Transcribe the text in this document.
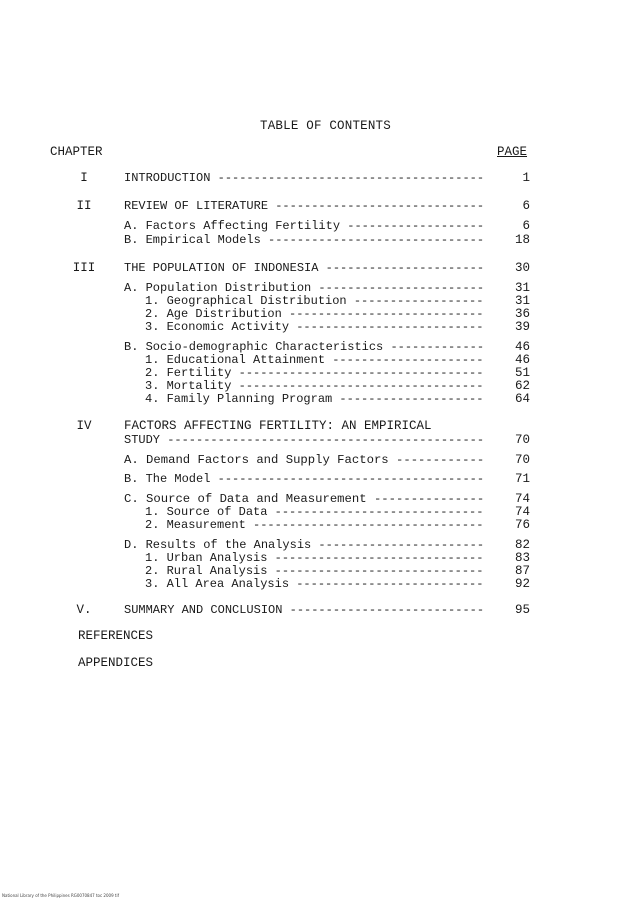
TABLE OF CONTENTS
CHAPTER	PAGE
I	INTRODUCTION -------------------------------------	1
II	REVIEW OF LITERATURE -----------------------------	6
A. Factors Affecting Fertility -------------------	6
B. Empirical Models ------------------------------	18
III	THE POPULATION OF INDONESIA ----------------------	30
A. Population Distribution -----------------------	31
1. Geographical Distribution ------------------	31
2. Age Distribution ---------------------------	36
3. Economic Activity --------------------------	39
B. Socio-demographic Characteristics -------------	46
1. Educational Attainment ---------------------	46
2. Fertility ----------------------------------	51
3. Mortality ----------------------------------	62
4. Family Planning Program --------------------	64
IV	FACTORS AFFECTING FERTILITY: AN EMPIRICAL
STUDY --------------------------------------------	70
A. Demand Factors and Supply Factors ------------	70
B. The Model -------------------------------------	71
C. Source of Data and Measurement ---------------	74
1. Source of Data -----------------------------	74
2. Measurement --------------------------------	76
D. Results of the Analysis -----------------------	82
1. Urban Analysis -----------------------------	83
2. Rural Analysis -----------------------------	87
3. All Area Analysis --------------------------	92
V.	SUMMARY AND CONCLUSION ---------------------------	95
REFERENCES
APPENDICES
National Library of the Philippines RG0070847 toc 2009 tif
